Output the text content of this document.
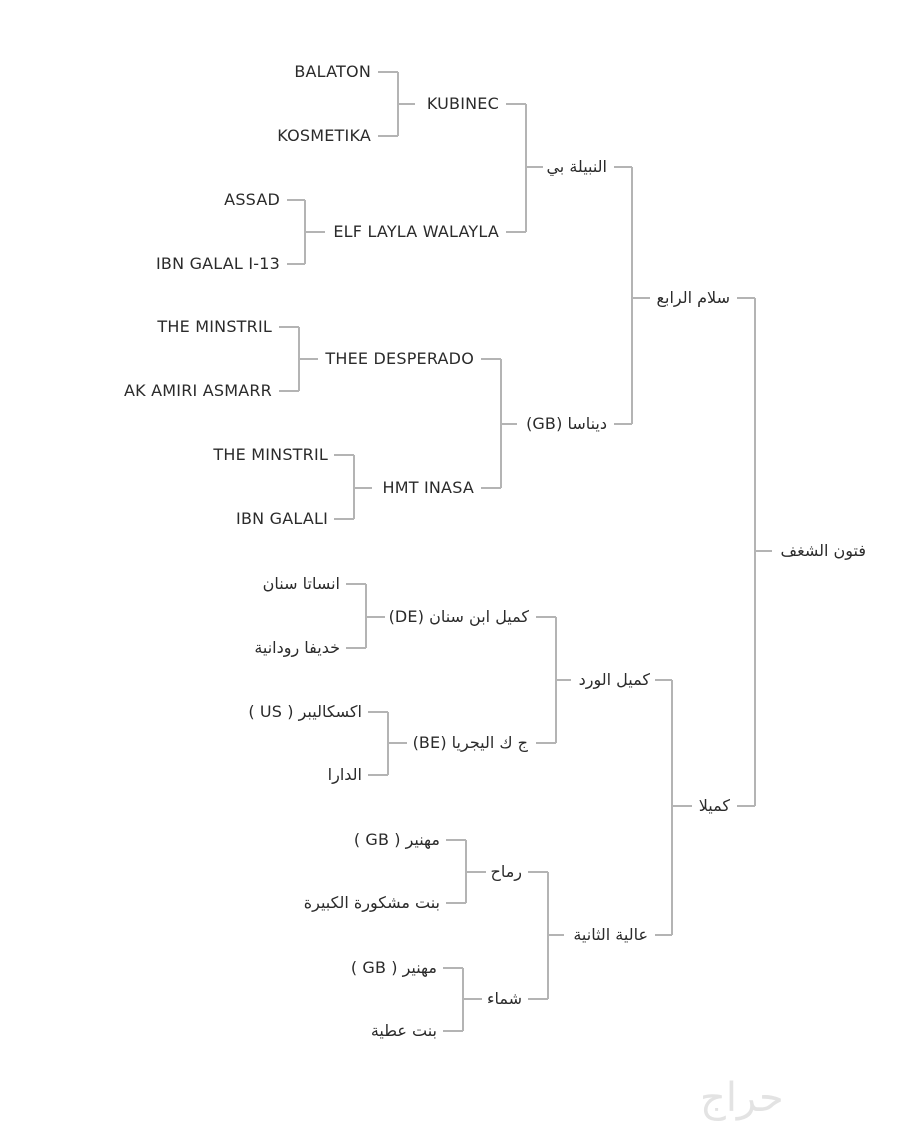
فتون الشغف
سلام الرابع
كميلا
النبيلة بي
ديناسا (GB)
كميل الورد
عالية الثانية
KUBINEC
ELF LAYLA WALAYLA
THEE DESPERADO
HMT INASA
كميل ابن سنان (DE)
ج ك اليجريا (BE)
رماح
شماء
BALATON
KOSMETIKA
ASSAD
IBN GALAL I-13
THE MINSTRIL
AK AMIRI ASMARR
THE MINSTRIL
IBN GALALI
انساتا سنان
خديفا رودانية
اكسكاليبر ( US )
الدارا
مهنير ( GB )
بنت مشكورة الكبيرة
مهنير ( GB )
بنت عطية
حراج
